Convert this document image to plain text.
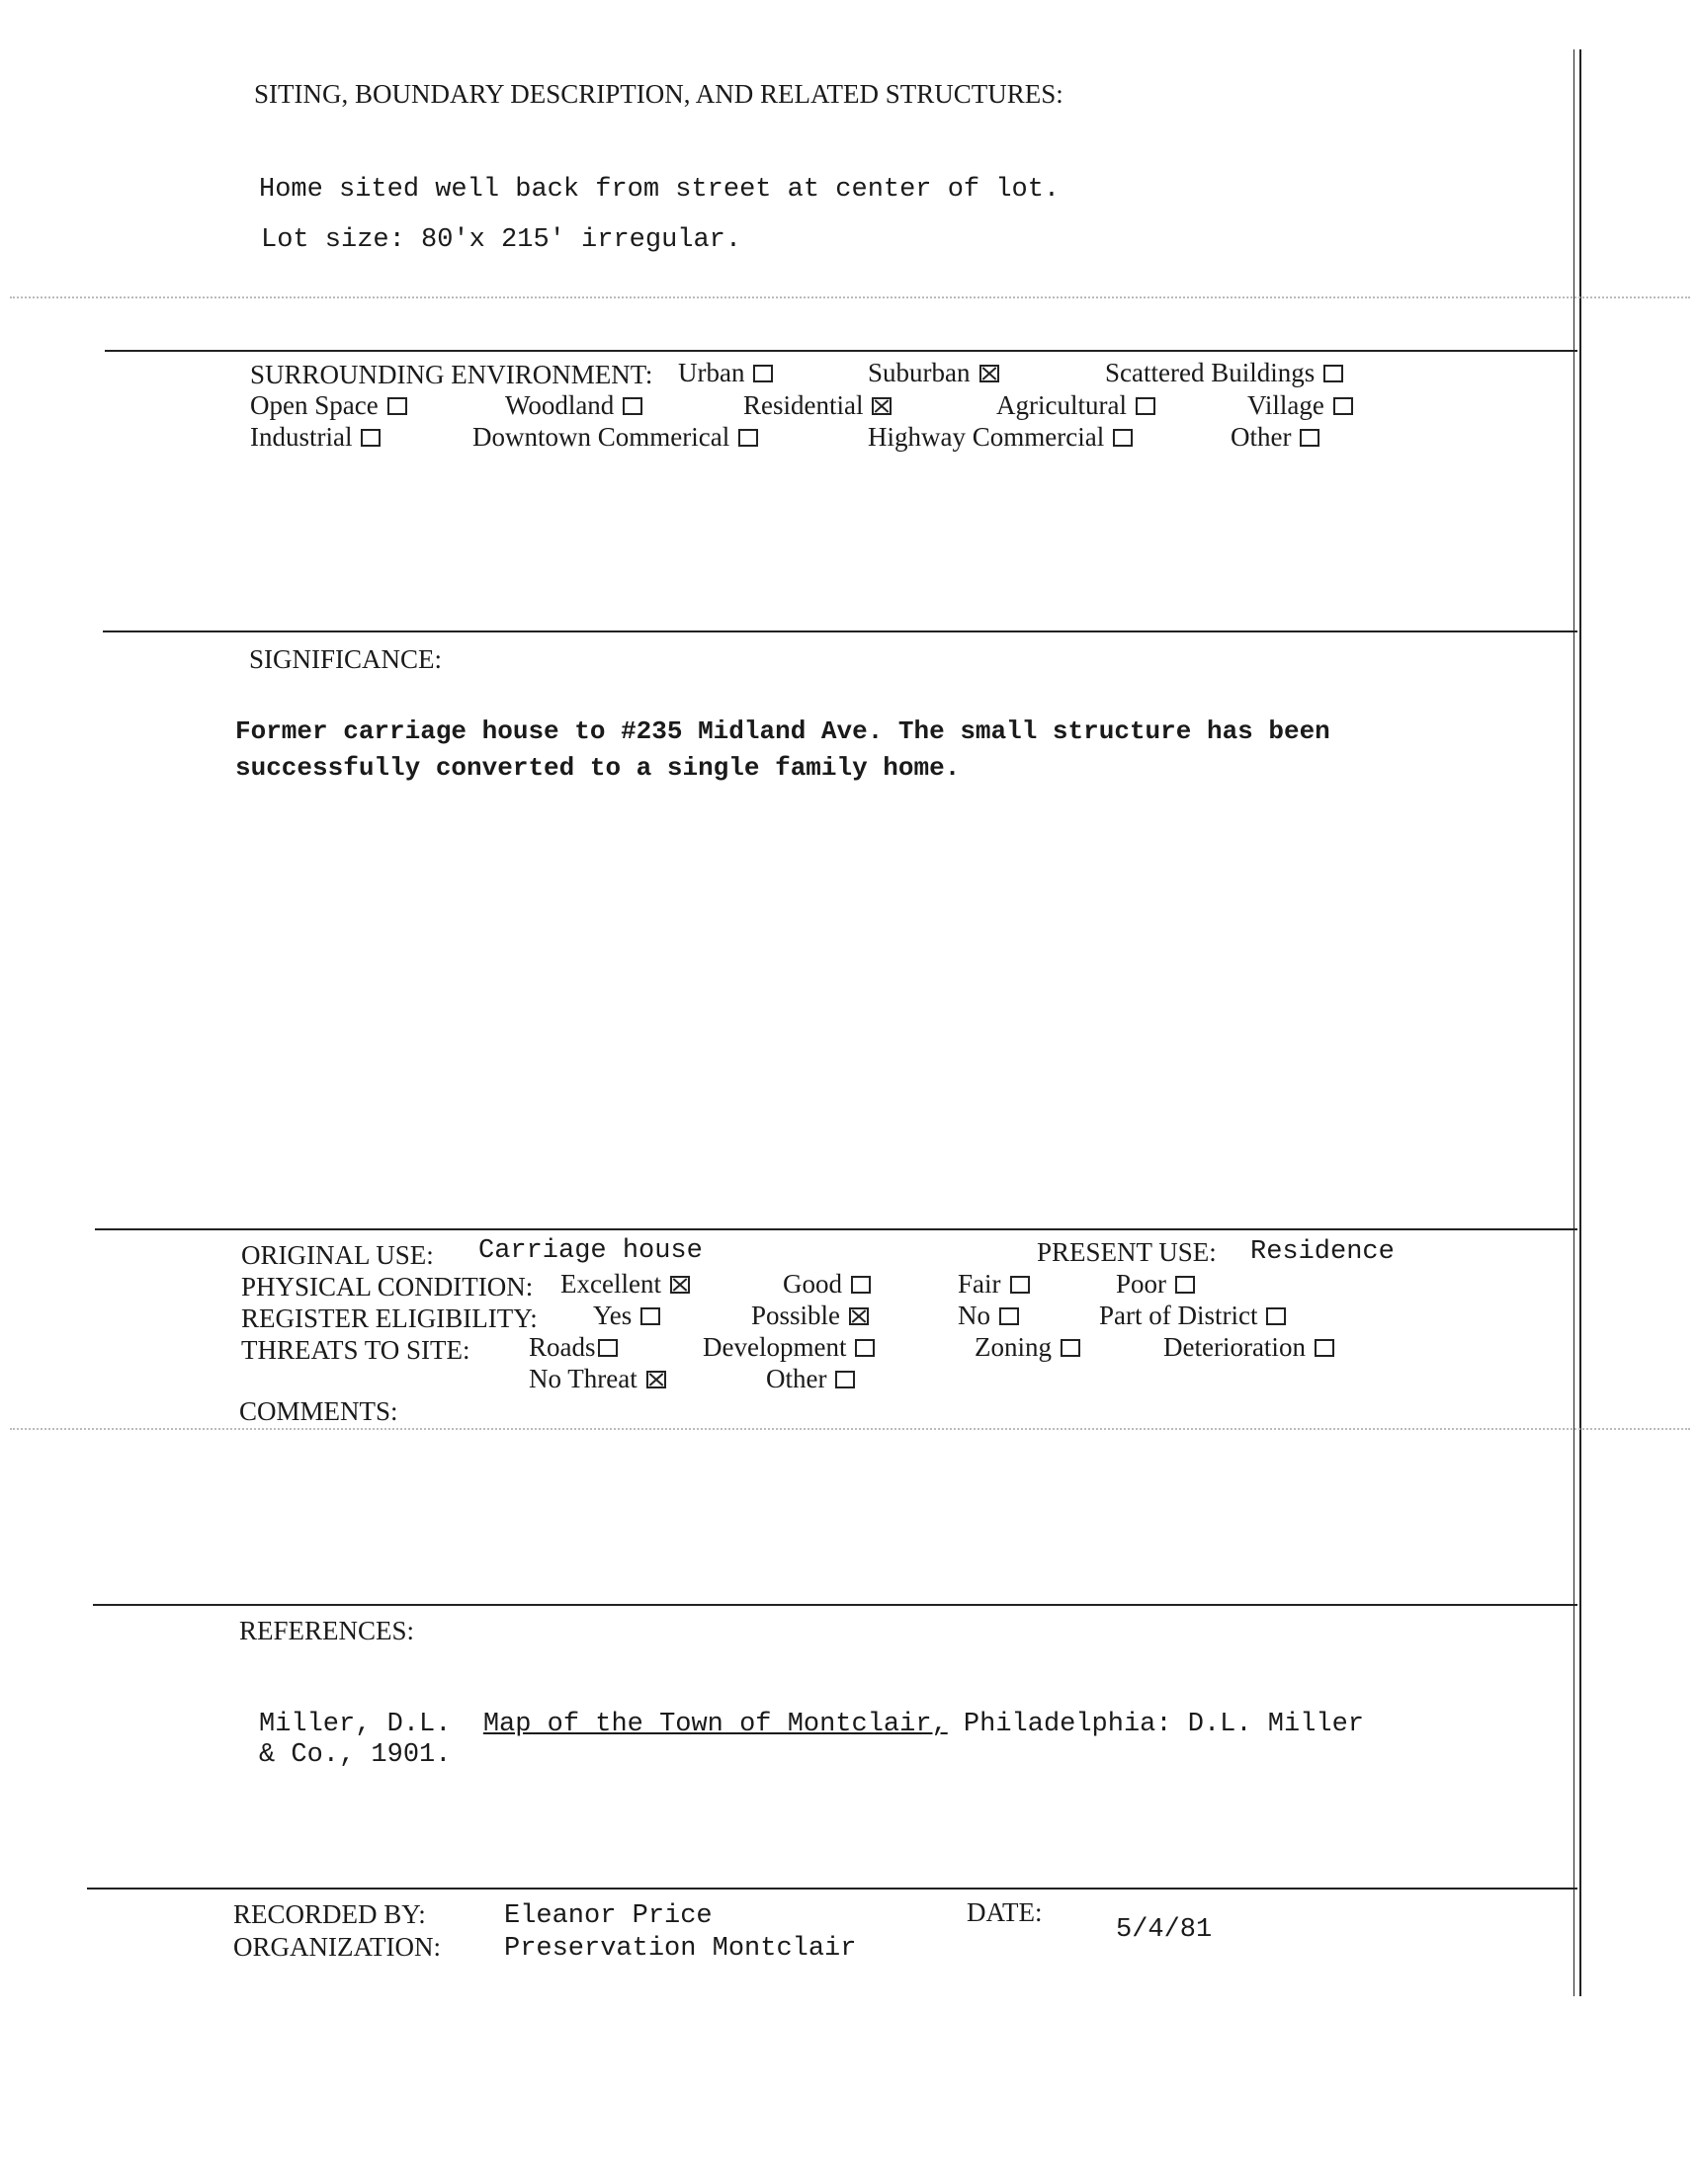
SITING, BOUNDARY DESCRIPTION, AND RELATED STRUCTURES:
Home sited well back from street at center of lot.
Lot size: 80'x 215' irregular.
SURROUNDING ENVIRONMENT: Urban	Suburban	Scattered Buildings
Open Space	Woodland	Residential	Agricultural	Village
Industrial	Downtown Commerical	Highway Commercial	Other
SIGNIFICANCE:
Former carriage house to #235 Midland Ave. The small structure has been
successfully converted to a single family home.
ORIGINAL USE: Carriage house	PRESENT USE: Residence
PHYSICAL CONDITION: Excellent	Good	Fair	Poor
REGISTER ELIGIBILITY: Yes	Possible	No	Part of District
THREATS TO SITE: Roads	Development	Zoning	Deterioration
No Threat	Other
COMMENTS:
REFERENCES:
Miller, D.L. Map of the Town of Montclair, Philadelphia: D.L. Miller
& Co., 1901.
RECORDED BY:	Eleanor Price
ORGANIZATION: Preservation Montclair
DATE:
5/4/81
